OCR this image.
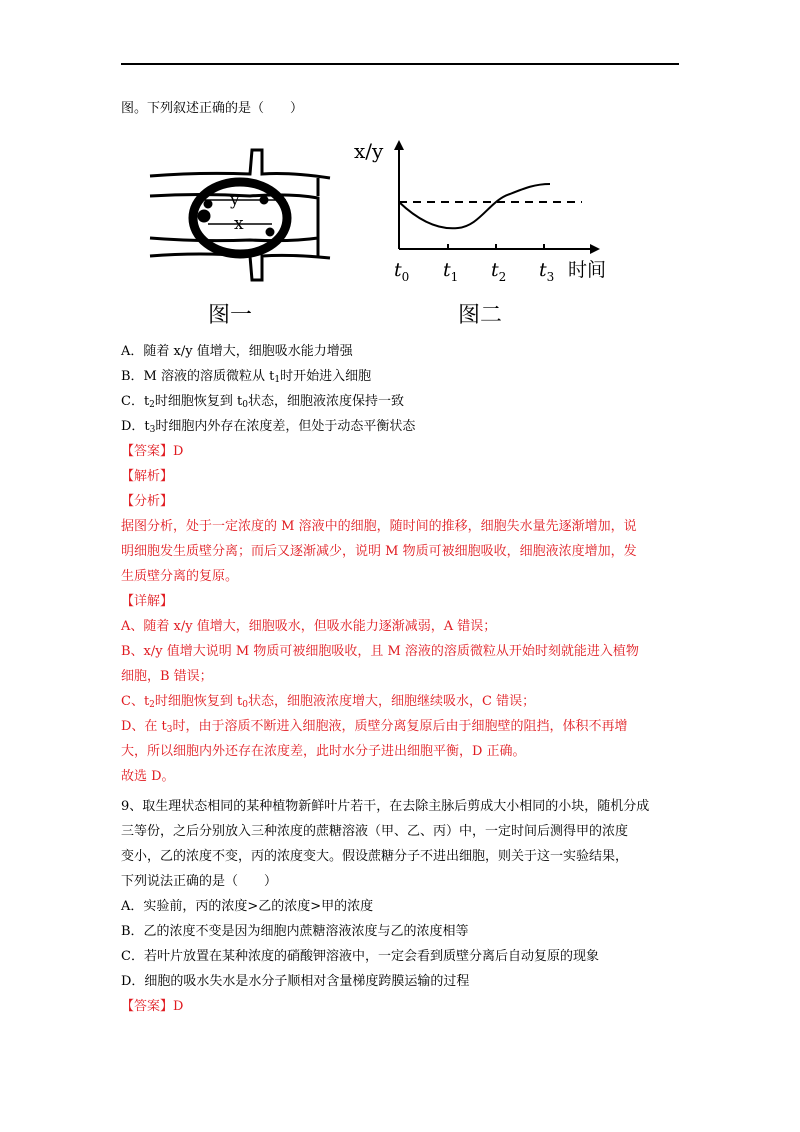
图。下列叙述正确的是（　　）
y
x
x/y
时间
$t_0$ $t_1$ $t_2$ $t_3$
图一	图二
A．随着 x/y 值增大，细胞吸水能力增强
B．M 溶液的溶质微粒从 $t_1$时开始进入细胞
C．$t_2$时细胞恢复到 $t_0$状态，细胞液浓度保持一致
D．$t_3$时细胞内外存在浓度差，但处于动态平衡状态
【答案】D
【解析】
【分析】
据图分析，处于一定浓度的 M 溶液中的细胞，随时间的推移，细胞失水量先逐渐增加，说
明细胞发生质壁分离；而后又逐渐减少，说明 M 物质可被细胞吸收，细胞液浓度增加，发
生质壁分离的复原。
【详解】
A、随着 x/y 值增大，细胞吸水，但吸水能力逐渐减弱，A 错误；
B、x/y 值增大说明 M 物质可被细胞吸收，且 M 溶液的溶质微粒从开始时刻就能进入植物
细胞，B 错误；
C、$t_2$时细胞恢复到 $t_0$状态，细胞液浓度增大，细胞继续吸水，C 错误；
D、在 $t_3$时，由于溶质不断进入细胞液，质壁分离复原后由于细胞壁的阻挡，体积不再增
大，所以细胞内外还存在浓度差，此时水分子进出细胞平衡，D 正确。
故选 D。
9、取生理状态相同的某种植物新鲜叶片若干，在去除主脉后剪成大小相同的小块，随机分成
三等份，之后分别放入三种浓度的蔗糖溶液（甲、乙、丙）中，一定时间后测得甲的浓度
变小，乙的浓度不变，丙的浓度变大。假设蔗糖分子不进出细胞，则关于这一实验结果，
下列说法正确的是（　　）
A．实验前，丙的浓度>乙的浓度>甲的浓度
B．乙的浓度不变是因为细胞内蔗糖溶液浓度与乙的浓度相等
C．若叶片放置在某种浓度的硝酸钾溶液中，一定会看到质壁分离后自动复原的现象
D．细胞的吸水失水是水分子顺相对含量梯度跨膜运输的过程
【答案】D
